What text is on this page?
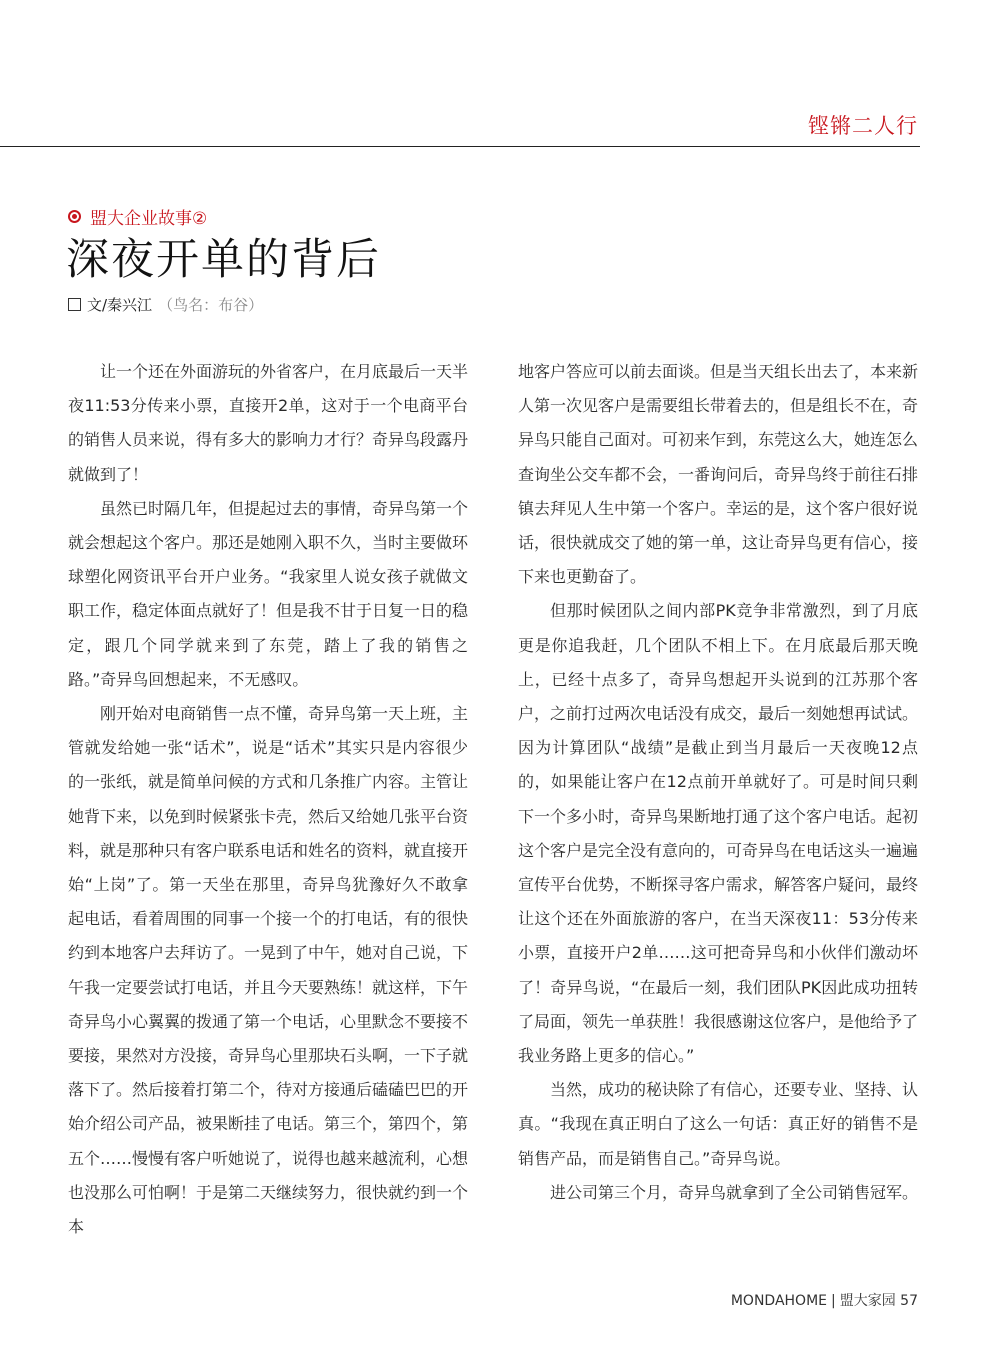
铿锵二人行
盟大企业故事②
深夜开单的背后
文/秦兴江 （鸟名：布谷）

让一个还在外面游玩的外省客户，在月底最后一天半夜11:53分传来小票，直接开2单，这对于一个电商平台的销售人员来说，得有多大的影响力才行？奇异鸟段露丹就做到了！

虽然已时隔几年，但提起过去的事情，奇异鸟第一个就会想起这个客户。那还是她刚入职不久，当时主要做环球塑化网资讯平台开户业务。“我家里人说女孩子就做文职工作，稳定体面点就好了！但是我不甘于日复一日的稳定，跟几个同学就来到了东莞，踏上了我的销售之路。”奇异鸟回想起来，不无感叹。

刚开始对电商销售一点不懂，奇异鸟第一天上班，主管就发给她一张“话术”，说是“话术”其实只是内容很少的一张纸，就是简单问候的方式和几条推广内容。主管让她背下来，以免到时候紧张卡壳，然后又给她几张平台资料，就是那种只有客户联系电话和姓名的资料，就直接开始“上岗”了。第一天坐在那里，奇异鸟犹豫好久不敢拿起电话，看着周围的同事一个接一个的打电话，有的很快约到本地客户去拜访了。一晃到了中午，她对自己说，下午我一定要尝试打电话，并且今天要熟练！就这样，下午奇异鸟小心翼翼的拨通了第一个电话，心里默念不要接不要接，果然对方没接，奇异鸟心里那块石头啊，一下子就落下了。然后接着打第二个，待对方接通后磕磕巴巴的开始介绍公司产品，被果断挂了电话。第三个，第四个，第五个……慢慢有客户听她说了，说得也越来越流利，心想也没那么可怕啊！于是第二天继续努力，很快就约到一个本

地客户答应可以前去面谈。但是当天组长出去了，本来新人第一次见客户是需要组长带着去的，但是组长不在，奇异鸟只能自己面对。可初来乍到，东莞这么大，她连怎么查询坐公交车都不会，一番询问后，奇异鸟终于前往石排镇去拜见人生中第一个客户。幸运的是，这个客户很好说话，很快就成交了她的第一单，这让奇异鸟更有信心，接下来也更勤奋了。

但那时候团队之间内部PK竞争非常激烈，到了月底更是你追我赶，几个团队不相上下。在月底最后那天晚上，已经十点多了，奇异鸟想起开头说到的江苏那个客户，之前打过两次电话没有成交，最后一刻她想再试试。因为计算团队“战绩”是截止到当月最后一天夜晚12点的，如果能让客户在12点前开单就好了。可是时间只剩下一个多小时，奇异鸟果断地打通了这个客户电话。起初这个客户是完全没有意向的，可奇异鸟在电话这头一遍遍宣传平台优势，不断探寻客户需求，解答客户疑问，最终让这个还在外面旅游的客户，在当天深夜11：53分传来小票，直接开户2单……这可把奇异鸟和小伙伴们激动坏了！奇异鸟说，“在最后一刻，我们团队PK因此成功扭转了局面，领先一单获胜！我很感谢这位客户，是他给予了我业务路上更多的信心。”

当然，成功的秘诀除了有信心，还要专业、坚持、认真。“我现在真正明白了这么一句话：真正好的销售不是销售产品，而是销售自己。”奇异鸟说。

进公司第三个月，奇异鸟就拿到了全公司销售冠军。

MONDAHOME | 盟大家园 57
